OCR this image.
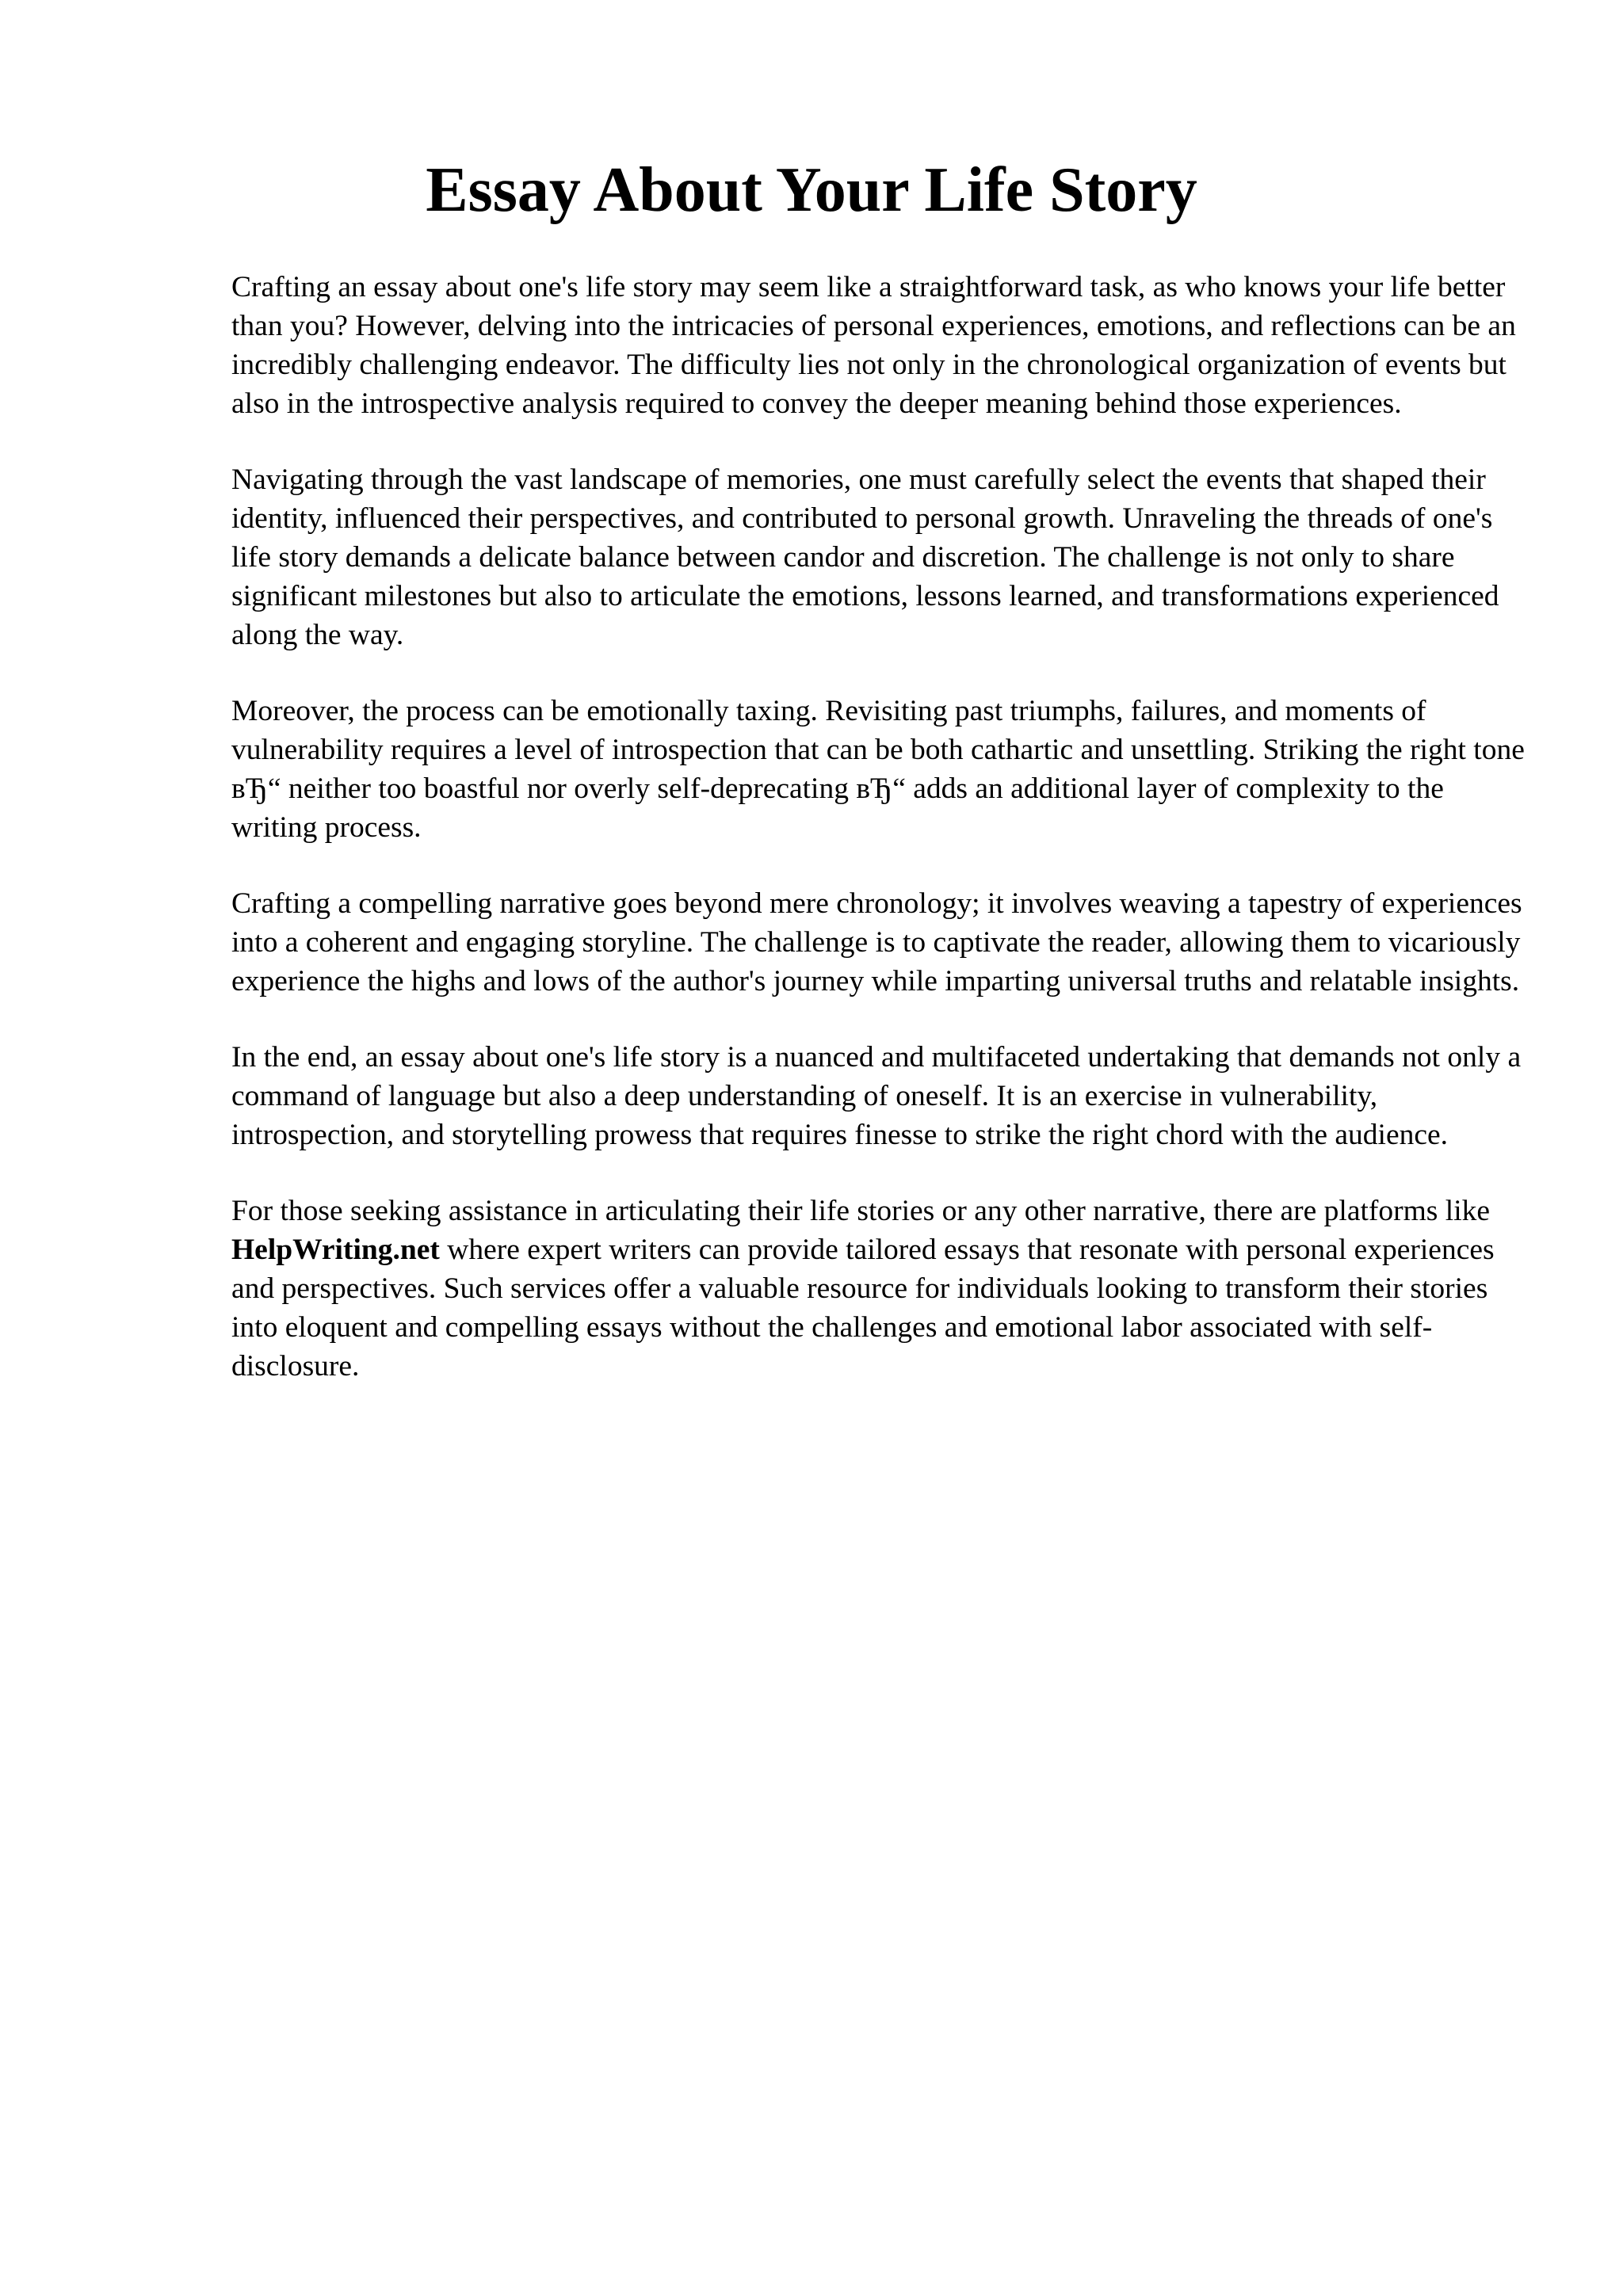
Essay About Your Life Story

Crafting an essay about one's life story may seem like a straightforward task, as who knows your life better than you? However, delving into the intricacies of personal experiences, emotions, and reflections can be an incredibly challenging endeavor. The difficulty lies not only in the chronological organization of events but also in the introspective analysis required to convey the deeper meaning behind those experiences.

Navigating through the vast landscape of memories, one must carefully select the events that shaped their identity, influenced their perspectives, and contributed to personal growth. Unraveling the threads of one's life story demands a delicate balance between candor and discretion. The challenge is not only to share significant milestones but also to articulate the emotions, lessons learned, and transformations experienced along the way.

Moreover, the process can be emotionally taxing. Revisiting past triumphs, failures, and moments of vulnerability requires a level of introspection that can be both cathartic and unsettling. Striking the right tone вЂ“ neither too boastful nor overly self-deprecating вЂ“ adds an additional layer of complexity to the writing process.

Crafting a compelling narrative goes beyond mere chronology; it involves weaving a tapestry of experiences into a coherent and engaging storyline. The challenge is to captivate the reader, allowing them to vicariously experience the highs and lows of the author's journey while imparting universal truths and relatable insights.

In the end, an essay about one's life story is a nuanced and multifaceted undertaking that demands not only a command of language but also a deep understanding of oneself. It is an exercise in vulnerability, introspection, and storytelling prowess that requires finesse to strike the right chord with the audience.

For those seeking assistance in articulating their life stories or any other narrative, there are platforms like HelpWriting.net where expert writers can provide tailored essays that resonate with personal experiences and perspectives. Such services offer a valuable resource for individuals looking to transform their stories into eloquent and compelling essays without the challenges and emotional labor associated with self-disclosure.
